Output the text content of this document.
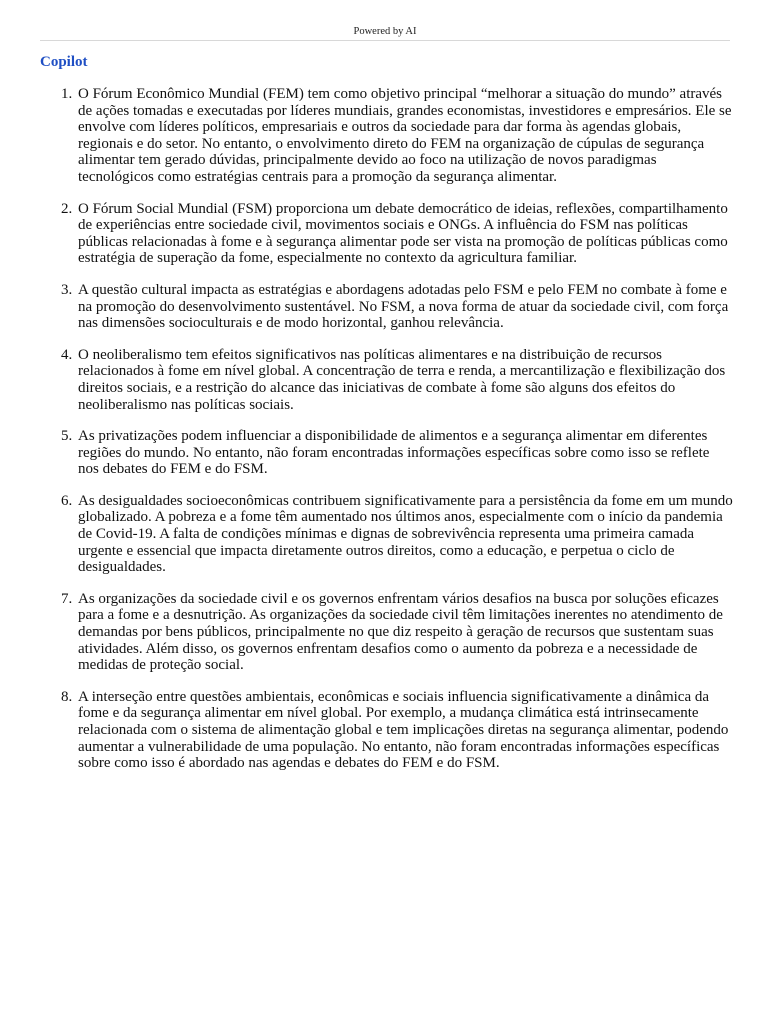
Powered by AI
Copilot
1. O Fórum Econômico Mundial (FEM) tem como objetivo principal “melhorar a situação do mundo” através de ações tomadas e executadas por líderes mundiais, grandes economistas, investidores e empresários. Ele se envolve com líderes políticos, empresariais e outros da sociedade para dar forma às agendas globais, regionais e do setor. No entanto, o envolvimento direto do FEM na organização de cúpulas de segurança alimentar tem gerado dúvidas, principalmente devido ao foco na utilização de novos paradigmas tecnológicos como estratégias centrais para a promoção da segurança alimentar.
2. O Fórum Social Mundial (FSM) proporciona um debate democrático de ideias, reflexões, compartilhamento de experiências entre sociedade civil, movimentos sociais e ONGs. A influência do FSM nas políticas públicas relacionadas à fome e à segurança alimentar pode ser vista na promoção de políticas públicas como estratégia de superação da fome, especialmente no contexto da agricultura familiar.
3. A questão cultural impacta as estratégias e abordagens adotadas pelo FSM e pelo FEM no combate à fome e na promoção do desenvolvimento sustentável. No FSM, a nova forma de atuar da sociedade civil, com força nas dimensões socioculturais e de modo horizontal, ganhou relevância.
4. O neoliberalismo tem efeitos significativos nas políticas alimentares e na distribuição de recursos relacionados à fome em nível global. A concentração de terra e renda, a mercantilização e flexibilização dos direitos sociais, e a restrição do alcance das iniciativas de combate à fome são alguns dos efeitos do neoliberalismo nas políticas sociais.
5. As privatizações podem influenciar a disponibilidade de alimentos e a segurança alimentar em diferentes regiões do mundo. No entanto, não foram encontradas informações específicas sobre como isso se reflete nos debates do FEM e do FSM.
6. As desigualdades socioeconômicas contribuem significativamente para a persistência da fome em um mundo globalizado. A pobreza e a fome têm aumentado nos últimos anos, especialmente com o início da pandemia de Covid-19. A falta de condições mínimas e dignas de sobrevivência representa uma primeira camada urgente e essencial que impacta diretamente outros direitos, como a educação, e perpetua o ciclo de desigualdades.
7. As organizações da sociedade civil e os governos enfrentam vários desafios na busca por soluções eficazes para a fome e a desnutrição. As organizações da sociedade civil têm limitações inerentes no atendimento de demandas por bens públicos, principalmente no que diz respeito à geração de recursos que sustentam suas atividades. Além disso, os governos enfrentam desafios como o aumento da pobreza e a necessidade de medidas de proteção social.
8. A interseção entre questões ambientais, econômicas e sociais influencia significativamente a dinâmica da fome e da segurança alimentar em nível global. Por exemplo, a mudança climática está intrinsecamente relacionada com o sistema de alimentação global e tem implicações diretas na segurança alimentar, podendo aumentar a vulnerabilidade de uma população. No entanto, não foram encontradas informações específicas sobre como isso é abordado nas agendas e debates do FEM e do FSM.
